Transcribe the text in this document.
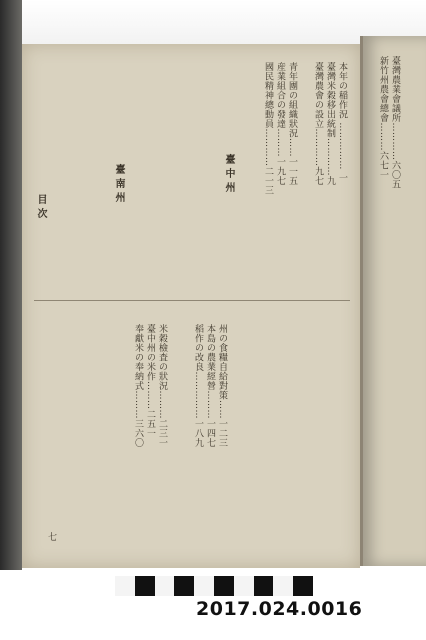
本年の稲作況 …………… 一
臺灣米穀移出統制…………九
臺灣農會の設立…………九七
青年團の組織狀況……一一五
産業組合の發達………一九七
國民精神總動員…………二一三
臺中州
臺南州
州の食糧自給對策……一二三
本島の農業經營………一四七
稻作の改良……………一八九
米穀檢査の狀況………二三一
臺中州の米作………二五一
奉獻米の奉納式………三六〇
目次
七
臺灣農業會議所…………六〇五
新竹州農會總會………六七一
2017.024.0016
